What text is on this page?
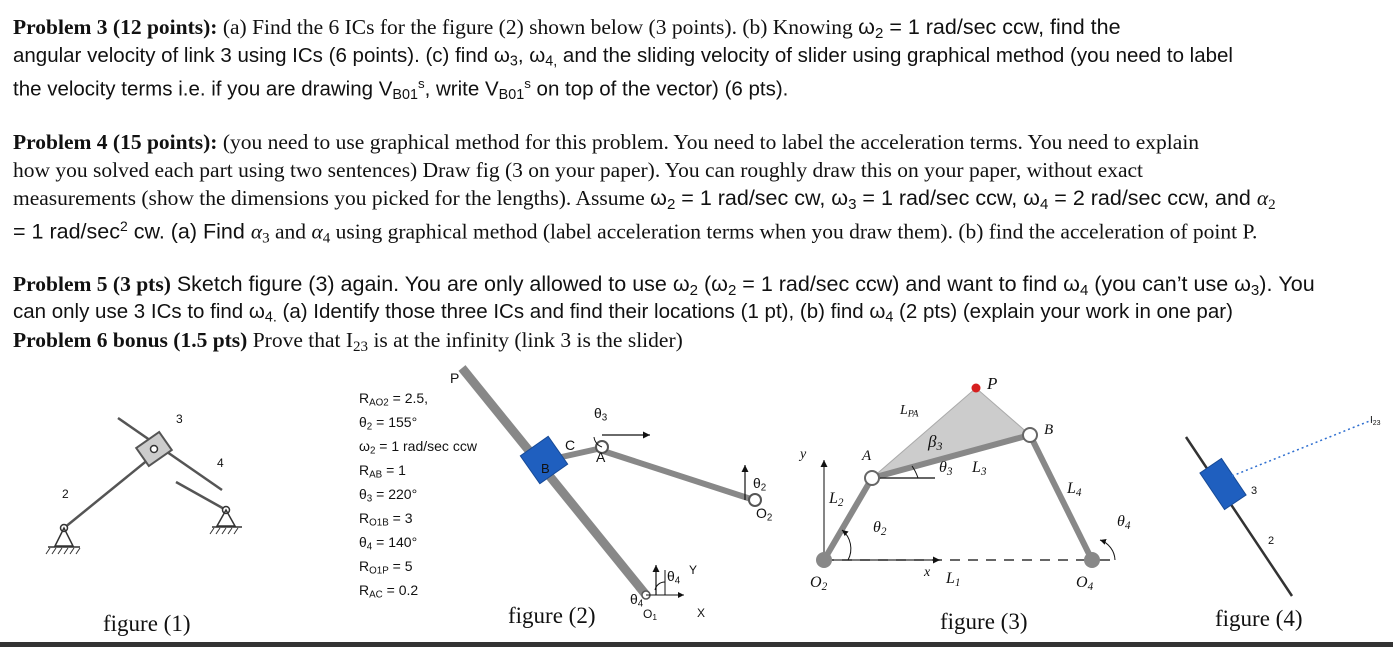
Problem 3 (12 points): (a) Find the 6 ICs for the figure (2) shown below (3 points). (b) Knowing $\omega_2 = 1$ rad/sec ccw, find the
angular velocity of link 3 using ICs (6 points). (c) find $\omega_3$, $\omega_{4,}$ and the sliding velocity of slider using graphical method (you need to label
the velocity terms i.e. if you are drawing $V_{B01}^s$, write $V_{B01}^s$ on top of the vector) (6 pts).
Problem 4 (15 points): (you need to use graphical method for this problem. You need to label the acceleration terms. You need to explain
how you solved each part using two sentences) Draw fig (3 on your paper). You can roughly draw this on your paper, without exact
measurements (show the dimensions you picked for the lengths). Assume $\omega_2 = 1$ rad/sec cw, $\omega_3 = 1$ rad/sec ccw, $\omega_4 = 2$ rad/sec ccw, and $\alpha_2$
= 1 rad/$\sec^2$ cw. (a) Find $\alpha_3$ and $\alpha_4$ using graphical method (label acceleration terms when you draw them). (b) find the acceleration of point P.
Problem 5 (3 pts) Sketch figure (3) again. You are only allowed to use $\omega_2$ ($\omega_2 = 1$ rad/sec ccw) and want to find $\omega_4$ (you can’t use $\omega_3$). You
can only use 3 ICs to find $\omega_{4.}$ (a) Identify those three ICs and find their locations (1 pt), (b) find $\omega_4$ (2 pts) (explain your work in one par)
Problem 6 bonus (1.5 pts) Prove that $I_{23}$ is at the infinity (link 3 is the slider)
3
4
2
figure (1)
$R_{AO2} = 2.5$,
$\theta_2 = 155^\circ$
$\omega_2 = 1$ rad/sec ccw
$R_{AB} = 1$
$\theta_3 = 220^\circ$
$R_{O1B} = 3$
$\theta_4 = 140^\circ$
$R_{O1P} = 5$
$R_{AC} = 0.2$
P
C
A
B
$\theta_3$
$\theta_2$
$O_2$
$\theta_4$
Y
$\theta_4$
$O_1$	X
figure (2)
P
$L_{PA}$
B
$\beta_3$
$\theta_3$ $L_3$
y	A
$L_2$
$\theta_2$
$L_4$
$\theta_4$
$O_2$
x $L_1$	$O_4$
figure (3)
$I_{23}$
3
2
figure (4)
